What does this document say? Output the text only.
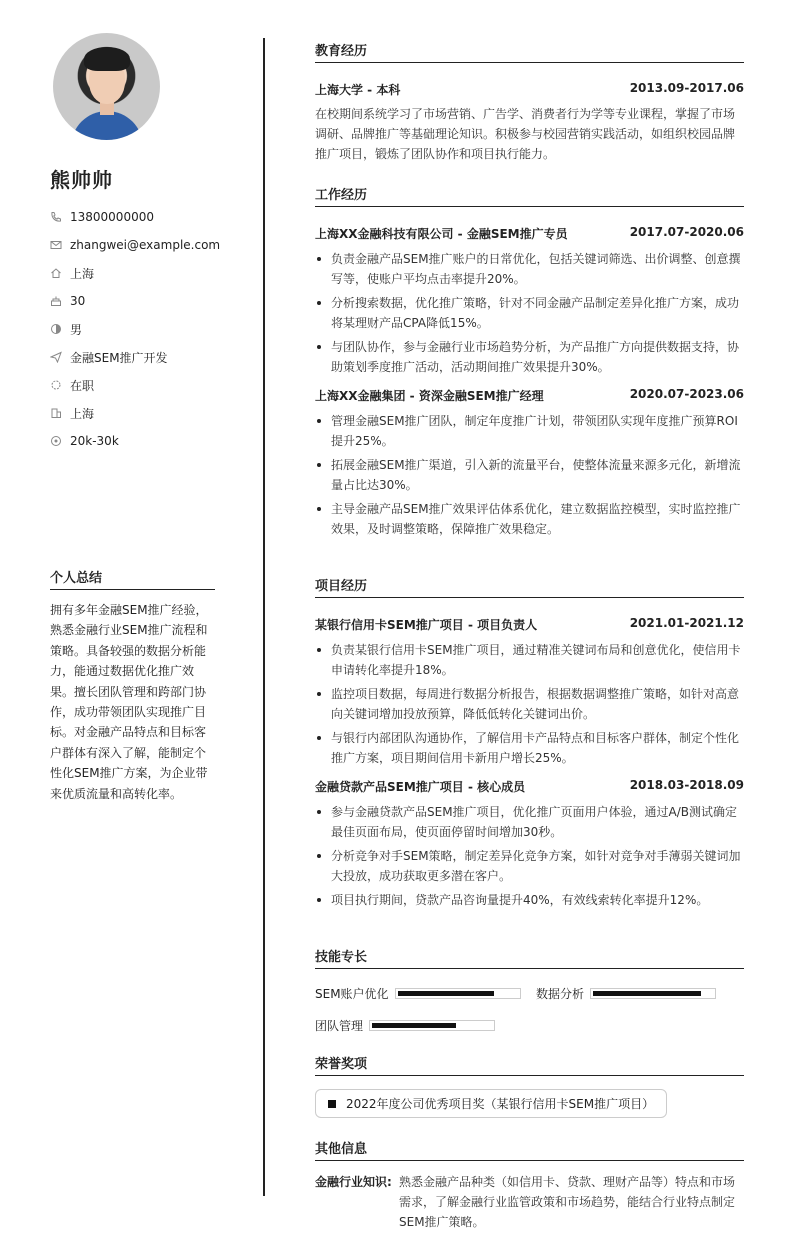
熊帅帅
13800000000
zhangwei@example.com
上海
30
男
金融SEM推广开发
在职
上海
20k-30k
个人总结
拥有多年金融SEM推广经验，
熟悉金融行业SEM推广流程和
策略。具备较强的数据分析能
力，能通过数据优化推广效
果。擅长团队管理和跨部门协
作，成功带领团队实现推广目
标。对金融产品特点和目标客
户群体有深入了解，能制定个
性化SEM推广方案，为企业带
来优质流量和高转化率。
教育经历
上海大学 - 本科	2013.09-2017.06
在校期间系统学习了市场营销、广告学、消费者行为学等专业课程，掌握了市场
调研、品牌推广等基础理论知识。积极参与校园营销实践活动，如组织校园品牌
推广项目，锻炼了团队协作和项目执行能力。
工作经历
上海XX金融科技有限公司 - 金融SEM推广专员	2017.07-2020.06
负责金融产品SEM推广账户的日常优化，包括关键词筛选、出价调整、创意撰
写等，使账户平均点击率提升20%。
分析搜索数据，优化推广策略，针对不同金融产品制定差异化推广方案，成功
将某理财产品CPA降低15%。
与团队协作，参与金融行业市场趋势分析，为产品推广方向提供数据支持，协
助策划季度推广活动，活动期间推广效果提升30%。
上海XX金融集团 - 资深金融SEM推广经理	2020.07-2023.06
管理金融SEM推广团队，制定年度推广计划，带领团队实现年度推广预算ROI
提升25%。
拓展金融SEM推广渠道，引入新的流量平台，使整体流量来源多元化，新增流
量占比达30%。
主导金融产品SEM推广效果评估体系优化，建立数据监控模型，实时监控推广
效果，及时调整策略，保障推广效果稳定。
项目经历
某银行信用卡SEM推广项目 - 项目负责人	2021.01-2021.12
负责某银行信用卡SEM推广项目，通过精准关键词布局和创意优化，使信用卡
申请转化率提升18%。
监控项目数据，每周进行数据分析报告，根据数据调整推广策略，如针对高意
向关键词增加投放预算，降低低转化关键词出价。
与银行内部团队沟通协作，了解信用卡产品特点和目标客户群体，制定个性化
推广方案，项目期间信用卡新用户增长25%。
金融贷款产品SEM推广项目 - 核心成员	2018.03-2018.09
参与金融贷款产品SEM推广项目，优化推广页面用户体验，通过A/B测试确定
最佳页面布局，使页面停留时间增加30秒。
分析竞争对手SEM策略，制定差异化竞争方案，如针对竞争对手薄弱关键词加
大投放，成功获取更多潜在客户。
项目执行期间，贷款产品咨询量提升40%，有效线索转化率提升12%。
技能专长
SEM账户优化	数据分析
团队管理
荣誉奖项
2022年度公司优秀项目奖（某银行信用卡SEM推广项目）
其他信息
金融行业知识: 熟悉金融产品种类（如信用卡、贷款、理财产品等）特点和市场
需求，了解金融行业监管政策和市场趋势，能结合行业特点制定
SEM推广策略。
